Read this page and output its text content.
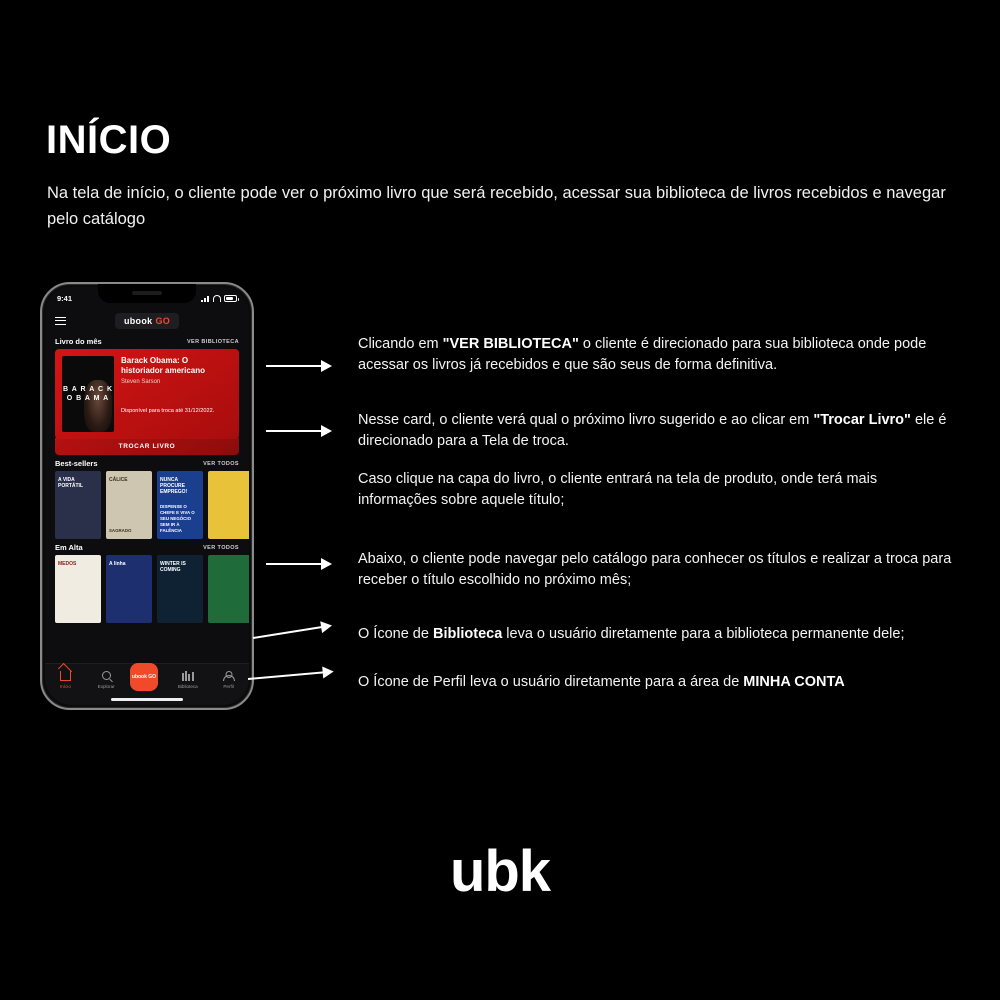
INÍCIO
Na tela de início, o cliente pode ver o próximo livro que será recebido, acessar sua biblioteca de livros recebidos e navegar pelo catálogo
9:41
ubook GO
Livro do mês	VER BIBLIOTECA
B A R A C K O B A M A
Barack Obama: O historiador americano
Steven Sarson
Disponível para troca até 31/12/2022.
TROCAR LIVRO
Best-sellers	VER TODOS
A VIDA PORTÁTIL
CÁLICE
SAGRADO
NUNCA PROCURE EMPREGO!
DISPENSE O CHEFE E VIVA O SEU NEGÓCIO SEM IR À FALÊNCIA
Em Alta	VER TODOS
MEDOS	A linha	WINTER IS COMING
Início	Explorar
ubook GO
Biblioteca	Perfil
Clicando em "VER BIBLIOTECA" o cliente é direcionado para sua biblioteca onde pode acessar os livros já recebidos e que são seus de forma definitiva.
Nesse card, o cliente verá qual o próximo livro sugerido e ao clicar em "Trocar Livro" ele é direcionado para a Tela de troca.
Caso clique na capa do livro, o cliente entrará na tela de produto, onde terá mais informações sobre aquele título;
Abaixo, o cliente pode navegar pelo catálogo para conhecer os títulos e realizar a troca para receber o título escolhido no próximo mês;
O Ícone de Biblioteca leva o usuário diretamente para a biblioteca permanente dele;
O Ícone de Perfil leva o usuário diretamente para a área de MINHA CONTA
ubk
